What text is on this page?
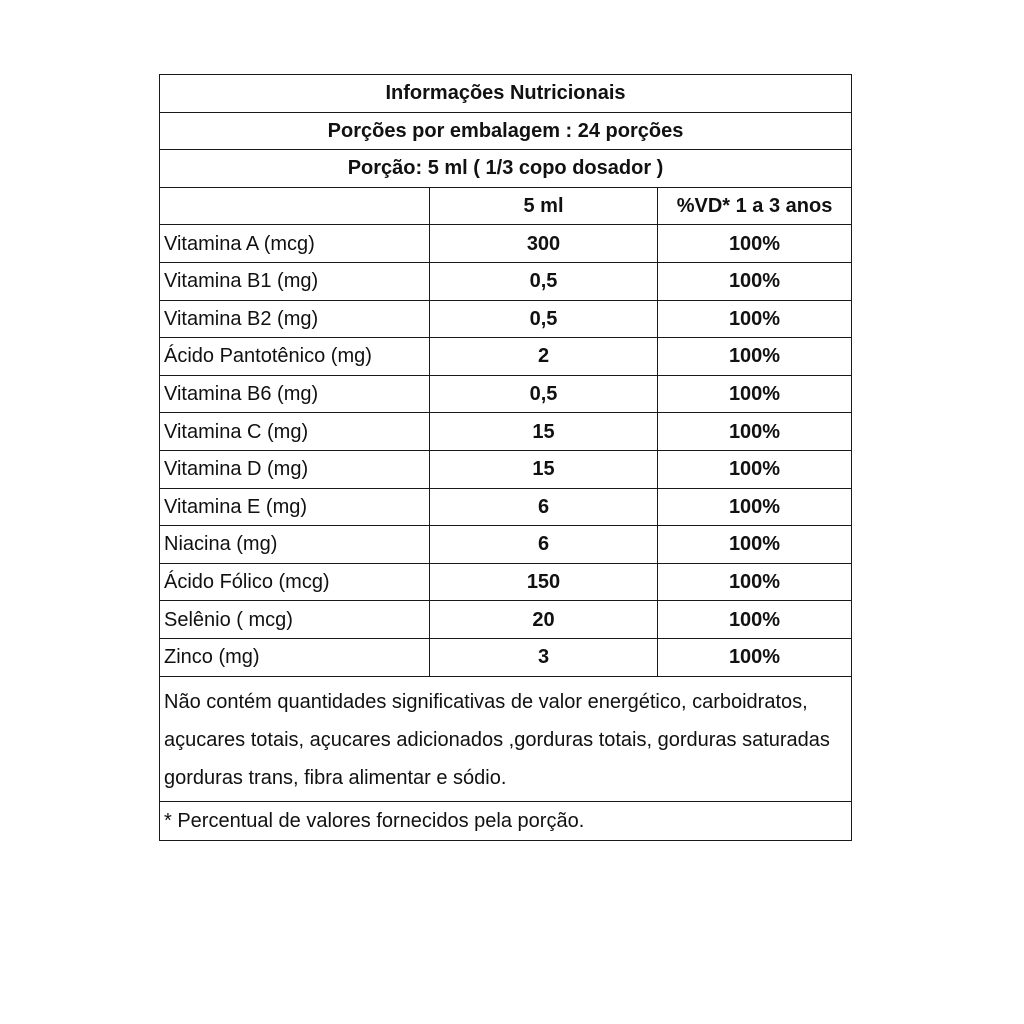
Informações Nutricionais		
Porções por embalagem : 24 porções		
Porção: 5 ml ( 1/3 copo dosador )		
	5 ml	%VD* 1 a 3 anos
Vitamina A (mcg)	300	100%
Vitamina B1 (mg)	0,5	100%
Vitamina B2 (mg)	0,5	100%
Ácido Pantotênico (mg)	2	100%
Vitamina B6 (mg)	0,5	100%
Vitamina C (mg)	15	100%
Vitamina D (mg)	15	100%
Vitamina E (mg)	6	100%
Niacina (mg)	6	100%
Ácido Fólico (mcg)	150	100%
Selênio ( mcg)	20	100%
Zinco (mg)	3	100%
Não contém quantidades significativas de valor energético, carboidratos, açucares totais, açucares adicionados ,gorduras totais, gorduras saturadas gorduras trans, fibra alimentar e sódio.		
* Percentual de valores fornecidos pela porção.		
